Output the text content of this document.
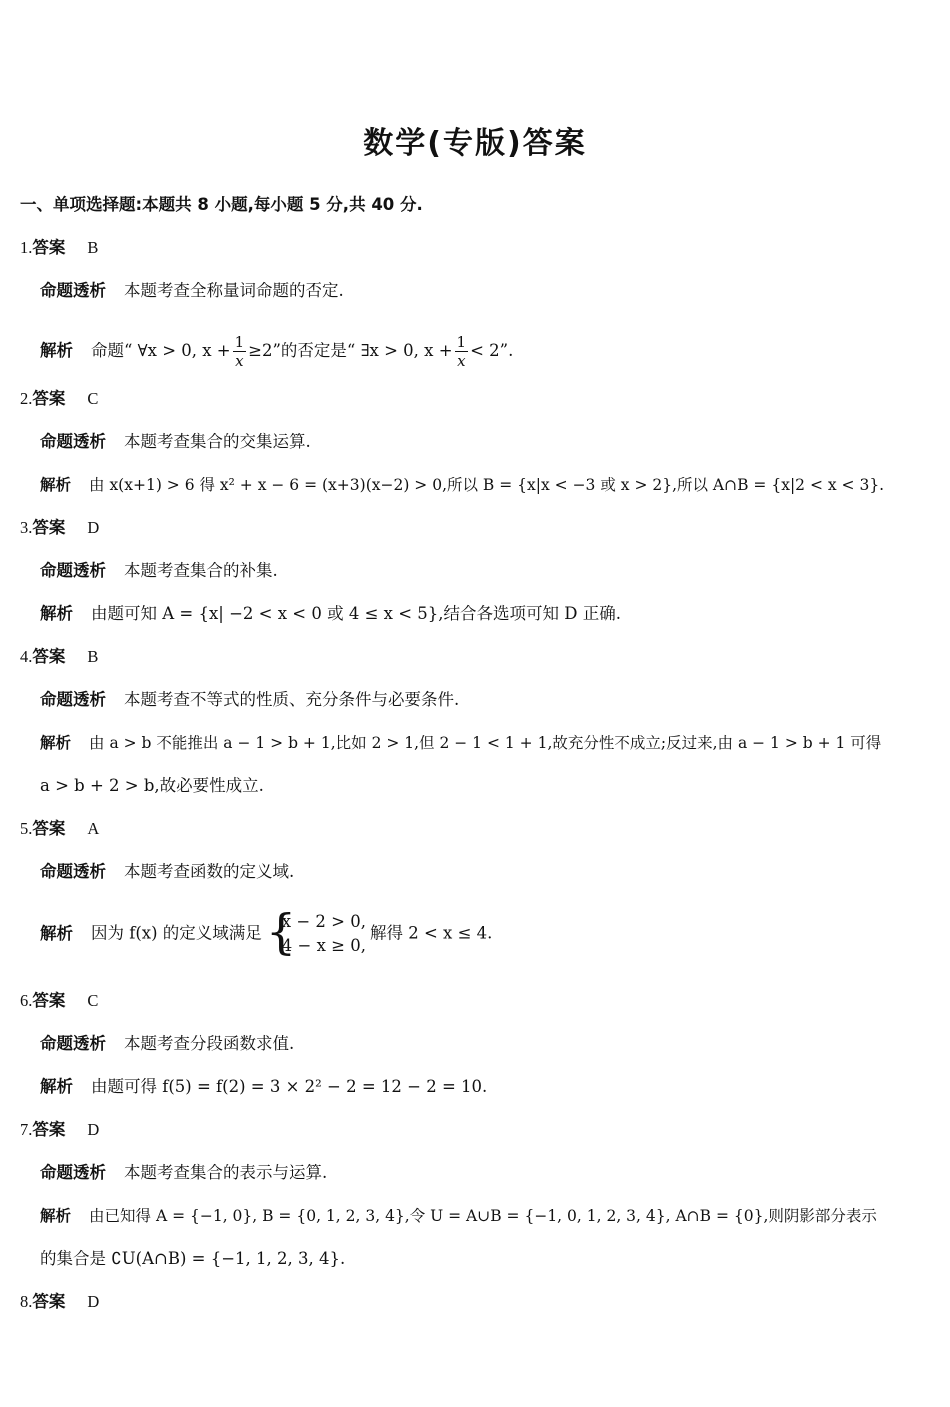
数学(专版)答案
一、单项选择题:本题共 8 小题,每小题 5 分,共 40 分.
1.答案 B
命题透析 本题考查全称量词命题的否定.
解析 命题“ ∀x > 0, $x + \frac{1}{x} \ge 2$”的否定是“ ∃x > 0, $x + \frac{1}{x} < 2$”.
2.答案 C
命题透析 本题考查集合的交集运算.
解析 由 x(x+1) > 6 得 x² + x − 6 = (x+3)(x−2) > 0,所以 B = {x|x < −3 或 x > 2},所以 A∩B = {x|2 < x < 3}.
3.答案 D
命题透析 本题考查集合的补集.
解析 由题可知 A = {x| −2 < x < 0 或 4 ≤ x < 5},结合各选项可知 D 正确.
4.答案 B
命题透析 本题考查不等式的性质、充分条件与必要条件.
解析 由 a > b 不能推出 a − 1 > b + 1,比如 2 > 1,但 2 − 1 < 1 + 1,故充分性不成立;反过来,由 a − 1 > b + 1 可得
a > b + 2 > b,故必要性成立.
5.答案 A
命题透析 本题考查函数的定义域.
解析 因为 f(x) 的定义域满足 {
x − 2 > 0,
4 − x ≥ 0,
解得 2 < x ≤ 4.
6.答案 C
命题透析 本题考查分段函数求值.
解析 由题可得 f(5) = f(2) = 3 × 2² − 2 = 12 − 2 = 10.
7.答案 D
命题透析 本题考查集合的表示与运算.
解析 由已知得 A = {−1, 0}, B = {0, 1, 2, 3, 4},令 U = A∪B = {−1, 0, 1, 2, 3, 4}, A∩B = {0},则阴影部分表示
的集合是 ∁U(A∩B) = {−1, 1, 2, 3, 4}.
8.答案 D
